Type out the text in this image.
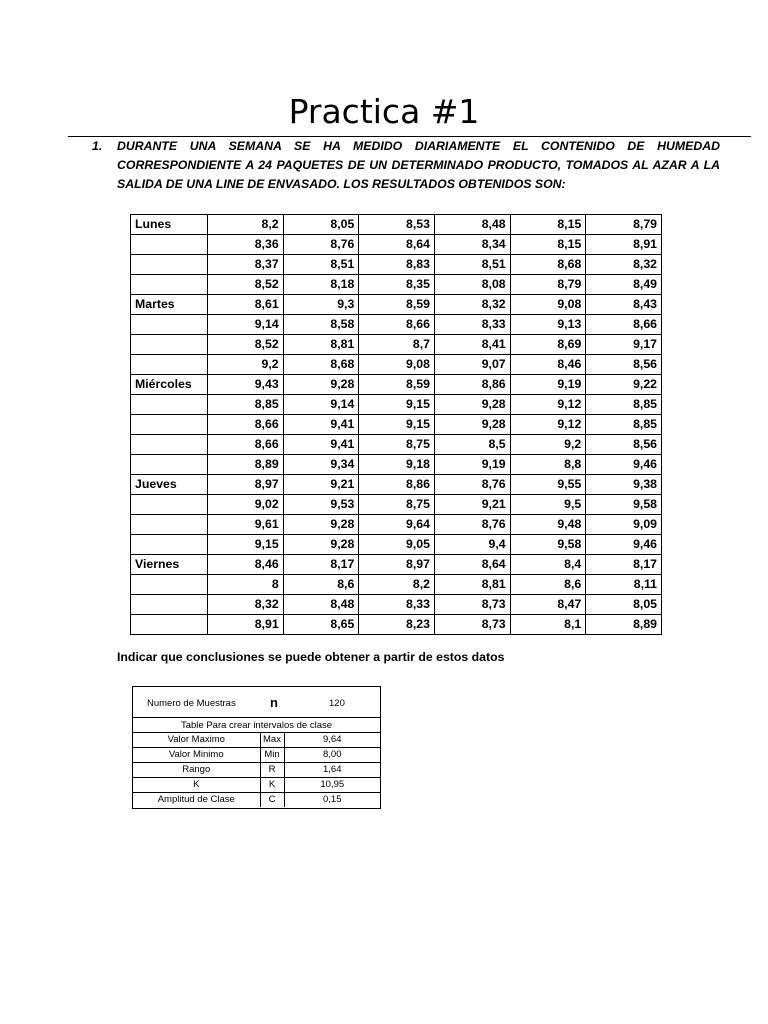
Practica #1
1. DURANTE UNA SEMANA SE HA MEDIDO DIARIAMENTE EL CONTENIDO DE HUMEDAD CORRESPONDIENTE A 24 PAQUETES DE UN DETERMINADO PRODUCTO, TOMADOS AL AZAR A LA SALIDA DE UNA LINE DE ENVASADO. LOS RESULTADOS OBTENIDOS SON:
Lunes	8,2	8,05	8,53	8,48	8,15	8,79
	8,36	8,76	8,64	8,34	8,15	8,91
	8,37	8,51	8,83	8,51	8,68	8,32
	8,52	8,18	8,35	8,08	8,79	8,49
Martes	8,61	9,3	8,59	8,32	9,08	8,43
	9,14	8,58	8,66	8,33	9,13	8,66
	8,52	8,81	8,7	8,41	8,69	9,17
	9,2	8,68	9,08	9,07	8,46	8,56
Miércoles	9,43	9,28	8,59	8,86	9,19	9,22
	8,85	9,14	9,15	9,28	9,12	8,85
	8,66	9,41	9,15	9,28	9,12	8,85
	8,66	9,41	8,75	8,5	9,2	8,56
	8,89	9,34	9,18	9,19	8,8	9,46
Jueves	8,97	9,21	8,86	8,76	9,55	9,38
	9,02	9,53	8,75	9,21	9,5	9,58
	9,61	9,28	9,64	8,76	9,48	9,09
	9,15	9,28	9,05	9,4	9,58	9,46
Viernes	8,46	8,17	8,97	8,64	8,4	8,17
	8	8,6	8,2	8,81	8,6	8,11
	8,32	8,48	8,33	8,73	8,47	8,05
	8,91	8,65	8,23	8,73	8,1	8,89
Indicar que conclusiones se puede obtener a partir de estos datos
Numero de Muestras	n	120
Table Para crear intervalos de clase
Valor Maximo	Max	9,64
Valor Minimo	Min	8,00
Rango	R	1,64
K	K	10,95
Amplitud de Clase	C	0,15
